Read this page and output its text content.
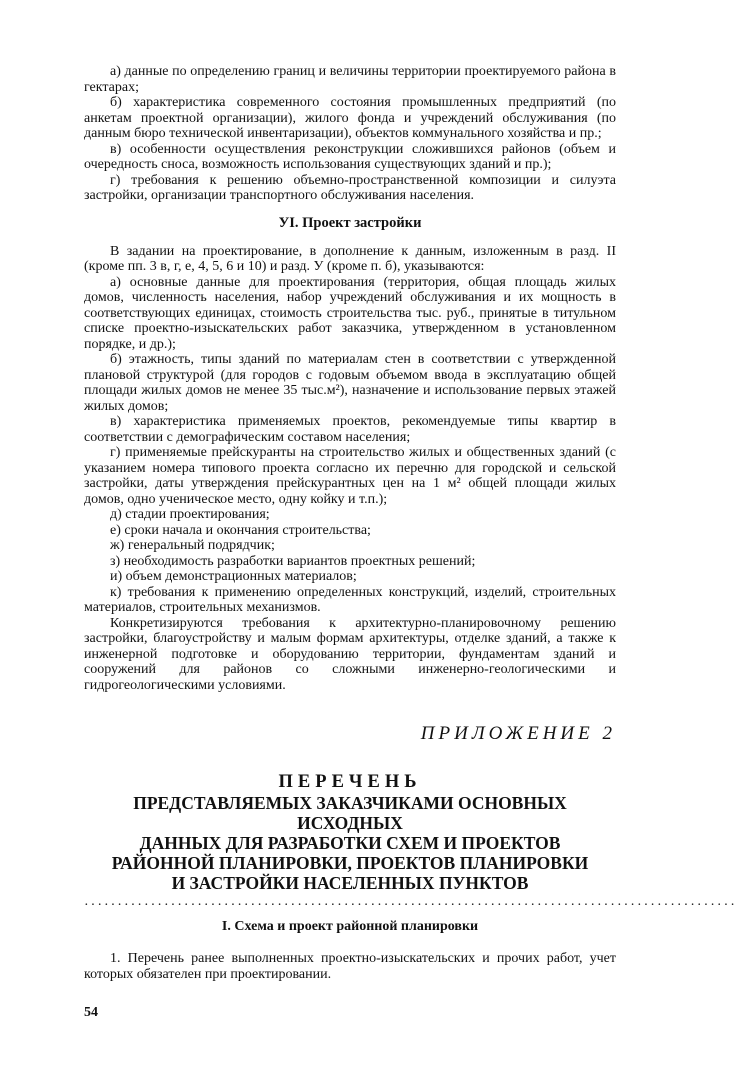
а) данные по определению границ и величины территории проектируемого района в гектарах;

б) характеристика современного состояния промышленных предприятий (по анкетам проектной организации), жилого фонда и учреждений обслуживания (по данным бюро технической инвентаризации), объектов коммунального хозяйства и пр.;

в) особенности осуществления реконструкции сложившихся районов (объем и очередность сноса, возможность использования существующих зданий и пр.);

г) требования к решению объемно-пространственной композиции и силуэта застройки, организации транспортного обслуживания населения.

УI. Проект застройки

В задании на проектирование, в дополнение к данным, изложенным в разд. II (кроме пп. 3 в, г, е, 4, 5, 6 и 10) и разд. У (кроме п. б), указываются:

а) основные данные для проектирования (территория, общая площадь жилых домов, численность населения, набор учреждений обслуживания и их мощность в соответствующих единицах, стоимость строительства тыс. руб., принятые в титульном списке проектно-изыскательских работ заказчика, утвержденном в установленном порядке, и др.);

б) этажность, типы зданий по материалам стен в соответствии с утвержденной плановой структурой (для городов с годовым объемом ввода в эксплуатацию общей площади жилых домов не менее 35 тыс.м²), назначение и использование первых этажей жилых домов;

в) характеристика применяемых проектов, рекомендуемые типы квартир в соответствии с демографическим составом населения;

г) применяемые прейскуранты на строительство жилых и общественных зданий (с указанием номера типового проекта согласно их перечню для городской и сельской застройки, даты утверждения прейскурантных цен на 1 м² общей площади жилых домов, одно ученическое место, одну койку и т.п.);

д) стадии проектирования;

е) сроки начала и окончания строительства;

ж) генеральный подрядчик;

з) необходимость разработки вариантов проектных решений;

и) объем демонстрационных материалов;

к) требования к применению определенных конструкций, изделий, строительных материалов, строительных механизмов.

Конкретизируются требования к архитектурно-планировочному решению застройки, благоустройству и малым формам архитектуры, отделке зданий, а также к инженерной подготовке и оборудованию территории, фундаментам зданий и сооружений для районов со сложными инженерно-геологическими и гидрогеологическими условиями.

ПРИЛОЖЕНИЕ 2
ПЕРЕЧЕНЬ
ПРЕДСТАВЛЯЕМЫХ ЗАКАЗЧИКАМИ ОСНОВНЫХ ИСХОДНЫХ
ДАННЫХ ДЛЯ РАЗРАБОТКИ СХЕМ И ПРОЕКТОВ
РАЙОННОЙ ПЛАНИРОВКИ, ПРОЕКТОВ ПЛАНИРОВКИ
И ЗАСТРОЙКИ НАСЕЛЕННЫХ ПУНКТОВ
··································································································
I. Схема и проект районной планировки

1. Перечень ранее выполненных проектно-изыскательских и прочих работ, учет которых обязателен при проектировании.

54
